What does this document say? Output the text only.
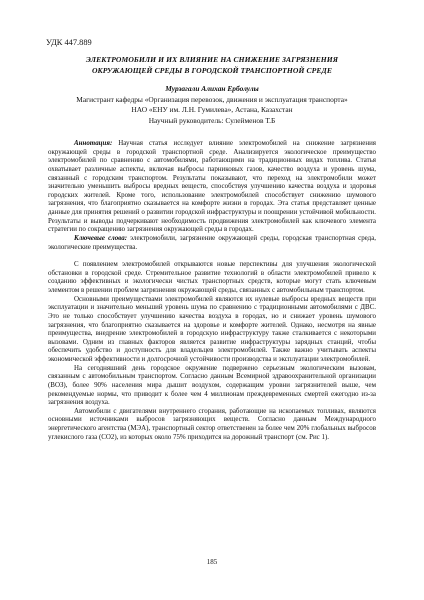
УДК 447.889
ЭЛЕКТРОМОБИЛИ И ИХ ВЛИЯНИЕ НА СНИЖЕНИЕ ЗАГРЯЗНЕНИЯ
ОКРУЖАЮЩЕЙ СРЕДЫ В ГОРОДСКОЙ ТРАНСПОРТНОЙ СРЕДЕ
Мурзагали Алихан Ерболулы
Магистрант кафедры «Организация перевозок, движения и эксплуатация транспорта»
НАО «ЕНУ им. Л.Н. Гумилева», Астана, Казахстан
Научный руководитель: Сулейменов Т.Б

Аннотация: Научная статья исследует влияние электромобилей на снижение загрязнения окружающей среды в городской транспортной среде. Анализируется экологическое преимущество электромобилей по сравнению с автомобилями, работающими на традиционных видах топлива. Статья охватывает различные аспекты, включая выбросы парниковых газов, качество воздуха и уровень шума, связанный с городским транспортом. Результаты показывают, что переход на электромобили может значительно уменьшить выбросы вредных веществ, способствуя улучшению качества воздуха и здоровья городских жителей. Кроме того, использование электромобилей способствует снижению шумового загрязнения, что благоприятно сказывается на комфорте жизни в городах. Эта статья представляет ценные данные для принятия решений о развитии городской инфраструктуры и поощрении устойчивой мобильности. Результаты и выводы подчеркивают необходимость продвижения электромобилей как ключевого элемента стратегии по сокращению загрязнения окружающей среды в городах.

Ключевые слова: электромобили, загрязнение окружающей среды, городская транспортная среда, экологические преимущества.

С появлением электромобилей открываются новые перспективы для улучшения экологической обстановки в городской среде. Стремительное развитие технологий в области электромобилей привело к созданию эффективных и экологически чистых транспортных средств, которые могут стать ключевым элементом в решении проблем загрязнения окружающей среды, связанных с автомобильным транспортом.

Основными преимуществами электромобилей являются их нулевые выбросы вредных веществ при эксплуатации и значительно меньший уровень шума по сравнению с традиционными автомобилями с ДВС. Это не только способствует улучшению качества воздуха в городах, но и снижает уровень шумового загрязнения, что благоприятно сказывается на здоровье и комфорте жителей. Однако, несмотря на явные преимущества, внедрение электромобилей в городскую инфраструктуру также сталкивается с некоторыми вызовами. Одним из главных факторов является развитие инфраструктуры зарядных станций, чтобы обеспечить удобство и доступность для владельцев электромобилей. Также важно учитывать аспекты экономической эффективности и долгосрочной устойчивости производства и эксплуатации электромобилей.

На сегодняшний день городское окружение подвержено серьезным экологическим вызовам, связанным с автомобильным транспортом. Согласно данным Всемирной здравоохранительной организации (ВОЗ), более 90% населения мира дышит воздухом, содержащим уровни загрязнителей выше, чем рекомендуемые нормы, что приводит к более чем 4 миллионам преждевременных смертей ежегодно из-за загрязнения воздуха.

Автомобили с двигателями внутреннего сгорания, работающие на ископаемых топливах, являются основными источниками выбросов загрязняющих веществ. Согласно данным Международного энергетического агентства (МЭА), транспортный сектор ответственен за более чем 20% глобальных выбросов углекислого газа (CO2), из которых около 75% приходится на дорожный транспорт (см. Рис 1).

185
